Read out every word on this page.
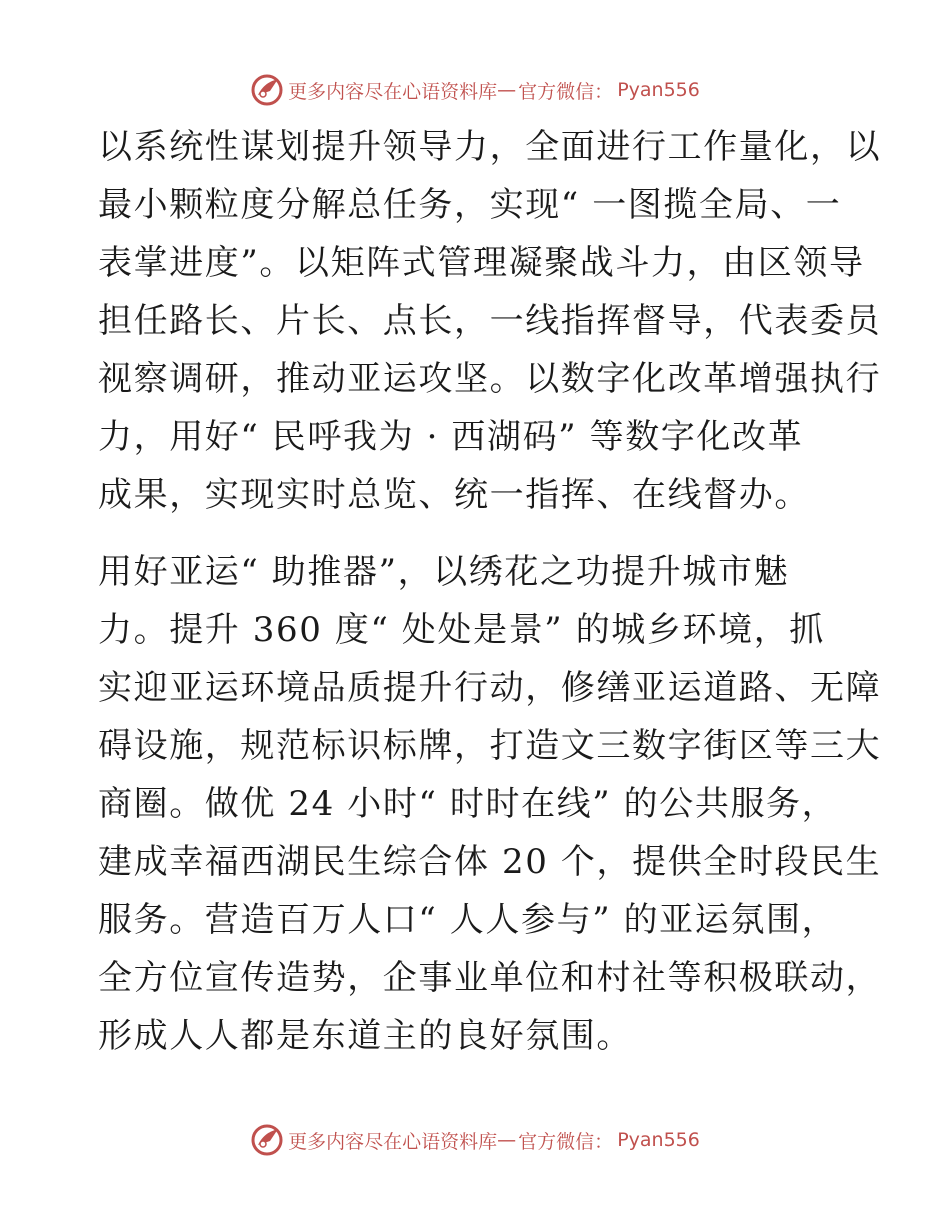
更多内容尽在心语资料库 — 官方微信： Pyan556
以系统性谋划提升领导力，全面进行工作量化，以
最小颗粒度分解总任务，实现“ 一图揽全局、一
表掌进度”。以矩阵式管理凝聚战斗力，由区领导
担任路长、片长、点长，一线指挥督导，代表委员
视察调研，推动亚运攻坚。以数字化改革增强执行
力，用好“ 民呼我为 · 西湖码” 等数字化改革
成果，实现实时总览、统一指挥、在线督办。
用好亚运“ 助推器”，以绣花之功提升城市魅
力。提升 360 度“ 处处是景” 的城乡环境，抓
实迎亚运环境品质提升行动，修缮亚运道路、无障
碍设施，规范标识标牌，打造文三数字街区等三大
商圈。做优 24 小时“ 时时在线” 的公共服务，
建成幸福西湖民生综合体 20 个，提供全时段民生
服务。营造百万人口“ 人人参与” 的亚运氛围，
全方位宣传造势，企事业单位和村社等积极联动，
形成人人都是东道主的良好氛围。
更多内容尽在心语资料库 — 官方微信： Pyan556
